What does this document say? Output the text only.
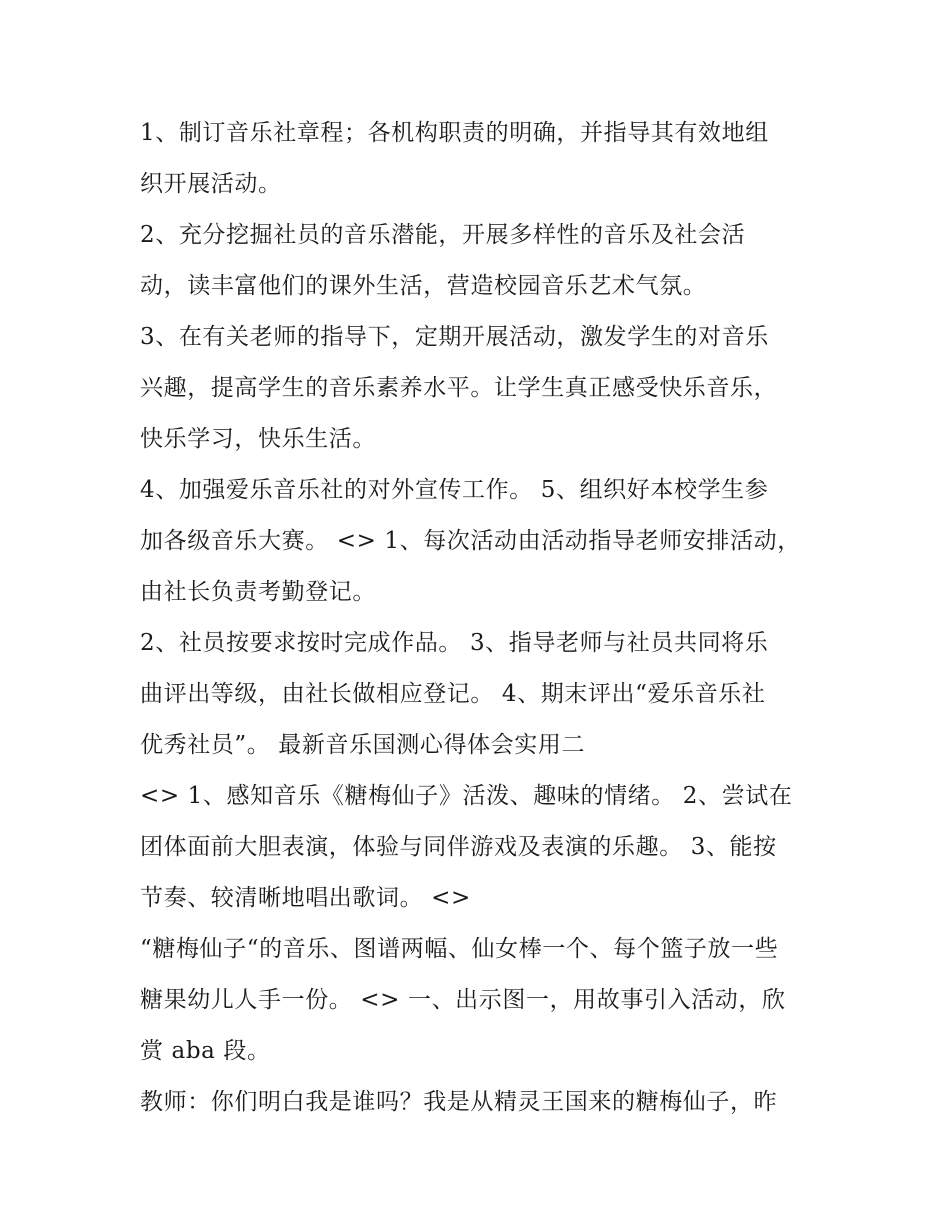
1、制订音乐社章程；各机构职责的明确，并指导其有效地组
织开展活动。
2、充分挖掘社员的音乐潜能，开展多样性的音乐及社会活
动，读丰富他们的课外生活，营造校园音乐艺术气氛。
3、在有关老师的指导下，定期开展活动，激发学生的对音乐
兴趣，提高学生的音乐素养水平。让学生真正感受快乐音乐，
快乐学习，快乐生活。
4、加强爱乐音乐社的对外宣传工作。 5、组织好本校学生参
加各级音乐大赛。 <> 1、每次活动由活动指导老师安排活动，
由社长负责考勤登记。
2、社员按要求按时完成作品。 3、指导老师与社员共同将乐
曲评出等级，由社长做相应登记。 4、期末评出“爱乐音乐社
优秀社员”。 最新音乐国测心得体会实用二
<> 1、感知音乐《糖梅仙子》活泼、趣味的情绪。 2、尝试在
团体面前大胆表演，体验与同伴游戏及表演的乐趣。 3、能按
节奏、较清晰地唱出歌词。 <>
“糖梅仙子“的音乐、图谱两幅、仙女棒一个、每个篮子放一些
糖果幼儿人手一份。 <> 一、出示图一，用故事引入活动，欣
赏 aba 段。
教师：你们明白我是谁吗？我是从精灵王国来的糖梅仙子，昨
